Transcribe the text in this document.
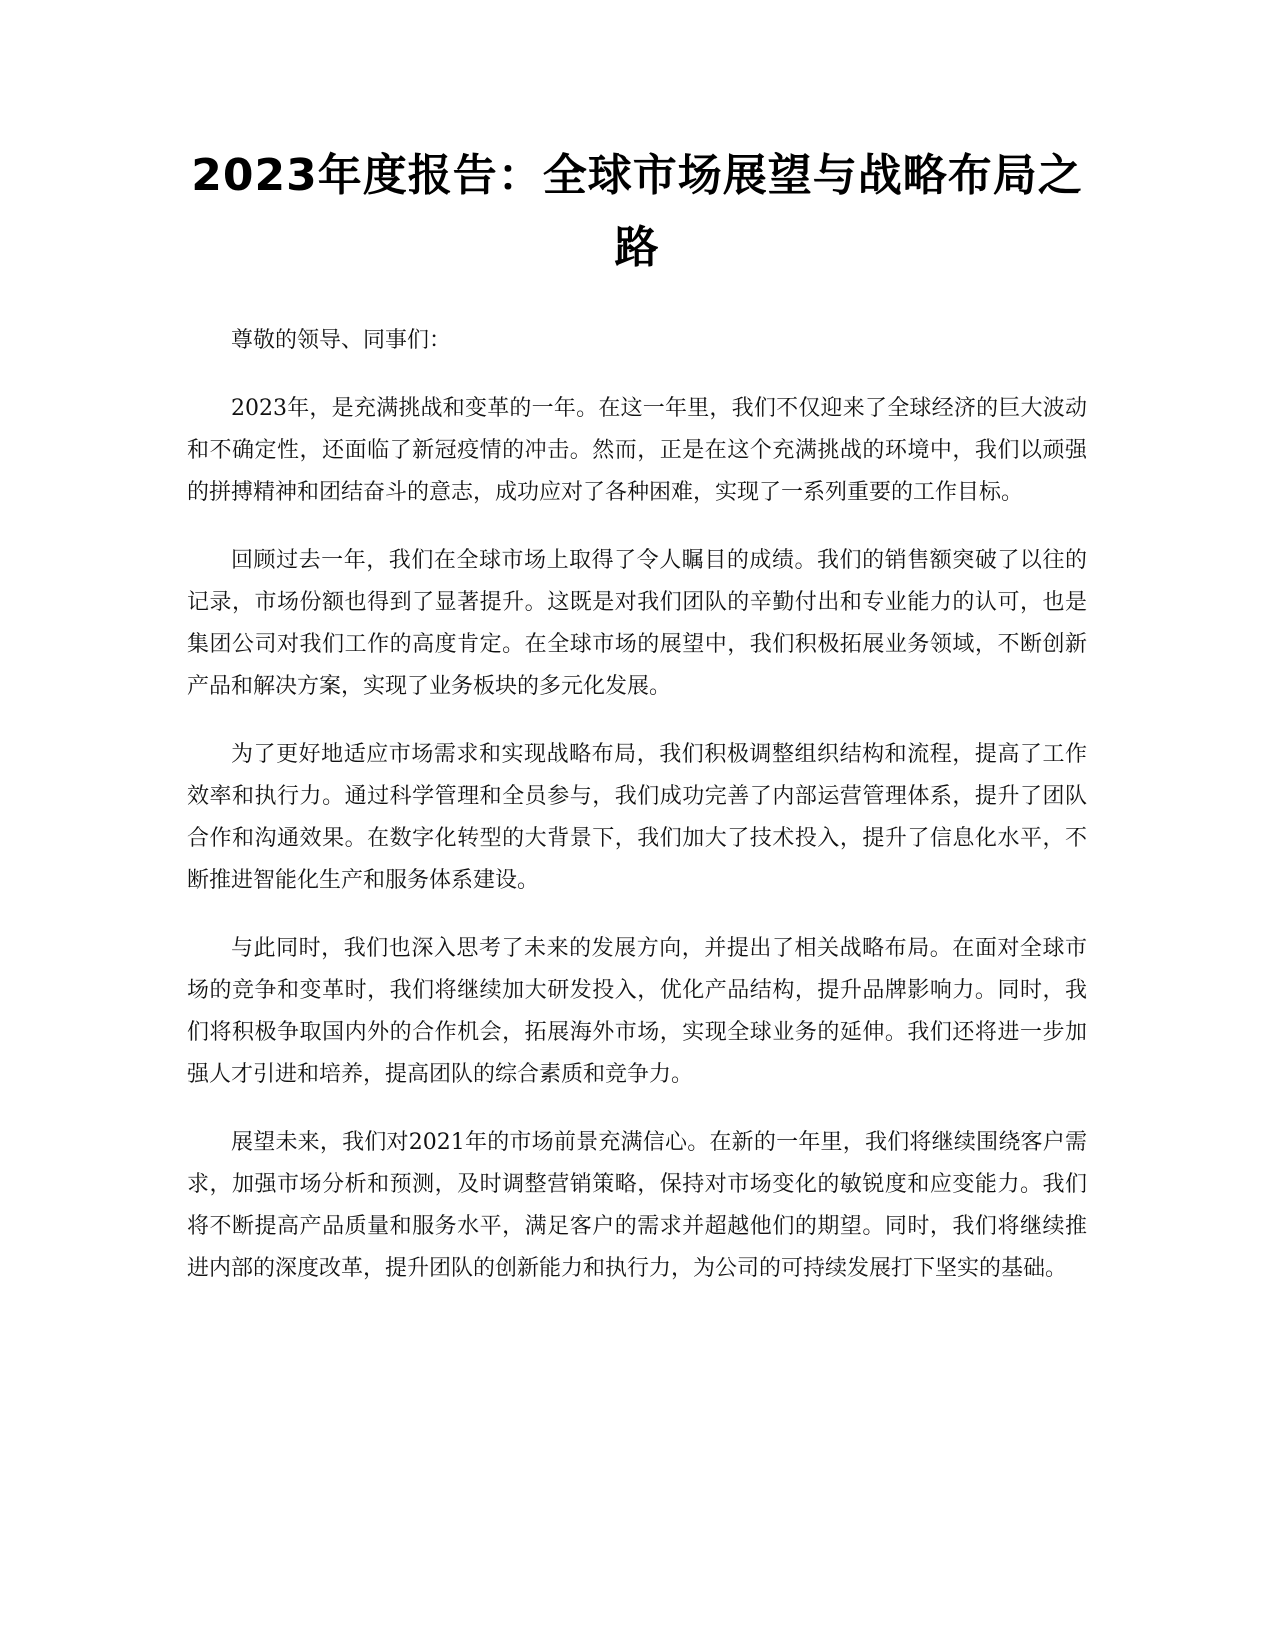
2023年度报告：全球市场展望与战略布局之路

尊敬的领导、同事们：

2023年，是充满挑战和变革的一年。在这一年里，我们不仅迎来了全球经济的巨大波动和不确定性，还面临了新冠疫情的冲击。然而，正是在这个充满挑战的环境中，我们以顽强的拼搏精神和团结奋斗的意志，成功应对了各种困难，实现了一系列重要的工作目标。

回顾过去一年，我们在全球市场上取得了令人瞩目的成绩。我们的销售额突破了以往的记录，市场份额也得到了显著提升。这既是对我们团队的辛勤付出和专业能力的认可，也是集团公司对我们工作的高度肯定。在全球市场的展望中，我们积极拓展业务领域，不断创新产品和解决方案，实现了业务板块的多元化发展。

为了更好地适应市场需求和实现战略布局，我们积极调整组织结构和流程，提高了工作效率和执行力。通过科学管理和全员参与，我们成功完善了内部运营管理体系，提升了团队合作和沟通效果。在数字化转型的大背景下，我们加大了技术投入，提升了信息化水平，不断推进智能化生产和服务体系建设。

与此同时，我们也深入思考了未来的发展方向，并提出了相关战略布局。在面对全球市场的竞争和变革时，我们将继续加大研发投入，优化产品结构，提升品牌影响力。同时，我们将积极争取国内外的合作机会，拓展海外市场，实现全球业务的延伸。我们还将进一步加强人才引进和培养，提高团队的综合素质和竞争力。

展望未来，我们对2021年的市场前景充满信心。在新的一年里，我们将继续围绕客户需求，加强市场分析和预测，及时调整营销策略，保持对市场变化的敏锐度和应变能力。我们将不断提高产品质量和服务水平，满足客户的需求并超越他们的期望。同时，我们将继续推进内部的深度改革，提升团队的创新能力和执行力，为公司的可持续发展打下坚实的基础。
